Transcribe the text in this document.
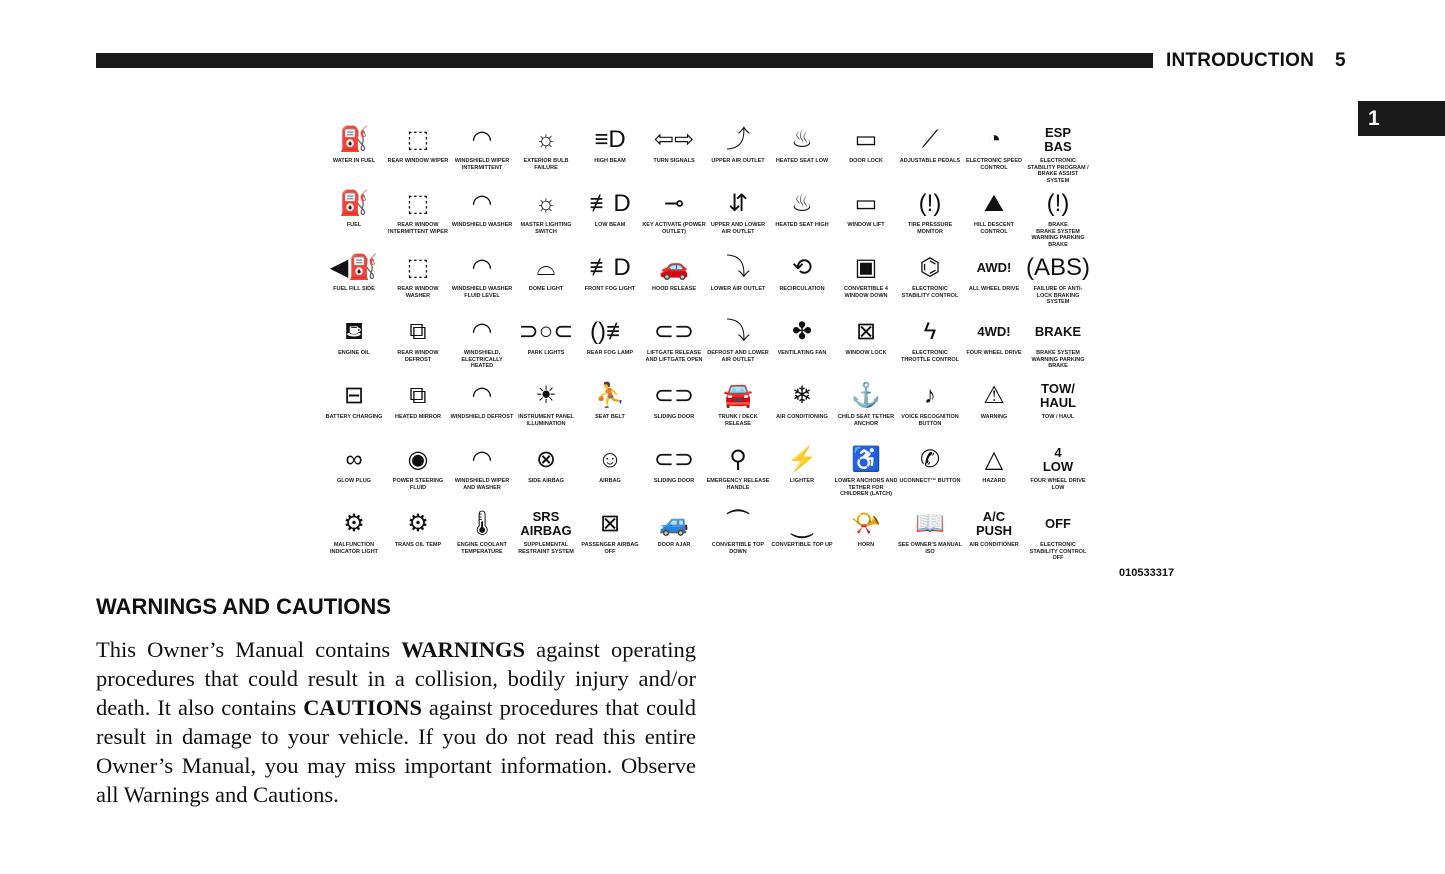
INTRODUCTION 5
1
⛽
WATER IN FUEL
⬚
REAR WINDOW WIPER
◠
WINDSHIELD WIPER INTERMITTENT
☼
EXTERIOR BULB FAILURE
≡D
HIGH BEAM
⇦⇨
TURN SIGNALS
⤴
UPPER AIR OUTLET
♨
HEATED SEAT LOW
▭
DOOR LOCK
⟋
ADJUSTABLE PEDALS
◔
ELECTRONIC SPEED CONTROL
ESP
BAS
ELECTRONIC STABILITY PROGRAM / BRAKE ASSIST SYSTEM
⛽
FUEL
⬚
REAR WINDOW INTERMITTENT WIPER
◠
WINDSHIELD WASHER
☼
MASTER LIGHTING SWITCH
≢D
LOW BEAM
⊸
KEY ACTIVATE (POWER OUTLET)
⇵
UPPER AND LOWER AIR OUTLET
♨
HEATED SEAT HIGH
▭
WINDOW LIFT
(!)
TIRE PRESSURE MONITOR
⛰
HILL DESCENT CONTROL
(!)
BRAKE
BRAKE SYSTEM WARNING PARKING BRAKE
◀⛽
FUEL FILL SIDE
⬚
REAR WINDOW WASHER
◠
WINDSHIELD WASHER FLUID LEVEL
⌓
DOME LIGHT
≢D
FRONT FOG LIGHT
🚗
HOOD RELEASE
⤵
LOWER AIR OUTLET
⟲
RECIRCULATION
▣
CONVERTIBLE 4 WINDOW DOWN
⌬
ELECTRONIC STABILITY CONTROL
AWD!
ALL WHEEL DRIVE
(ABS)
FAILURE OF ANTI-LOCK BRAKING SYSTEM
⛾
ENGINE OIL
⧉
REAR WINDOW DEFROST
◠
WINDSHIELD, ELECTRICALLY HEATED
⊃○⊂
PARK LIGHTS
()≢
REAR FOG LAMP
⊂⊃
LIFTGATE RELEASE AND LIFTGATE OPEN
⤵
DEFROST AND LOWER AIR OUTLET
✤
VENTILATING FAN
⊠
WINDOW LOCK
ϟ
ELECTRONIC THROTTLE CONTROL
4WD!
FOUR WHEEL DRIVE
BRAKE
BRAKE SYSTEM WARNING PARKING BRAKE
⊟
BATTERY CHARGING
⧉
HEATED MIRROR
◠
WINDSHIELD DEFROST
☀
INSTRUMENT PANEL ILLUMINATION
⛹
SEAT BELT
⊂⊃
SLIDING DOOR
🚘
TRUNK / DECK RELEASE
❄
AIR CONDITIONING
⚓
CHILD SEAT TETHER ANCHOR
♪
VOICE RECOGNITION BUTTON
⚠
WARNING
TOW/
HAUL
TOW / HAUL
∞
GLOW PLUG
◉
POWER STEERING FLUID
◠
WINDSHIELD WIPER AND WASHER
⊗
SIDE AIRBAG
☺
AIRBAG
⊂⊃
SLIDING DOOR
⚲
EMERGENCY RELEASE HANDLE
⚡
LIGHTER
♿
LOWER ANCHORS AND TETHER FOR CHILDREN (LATCH)
✆
UCONNECT™ BUTTON
△
HAZARD
4
LOW
FOUR WHEEL DRIVE LOW
⚙
MALFUNCTION INDICATOR LIGHT
⚙
TRANS OIL TEMP
🌡
ENGINE COOLANT TEMPERATURE
SRS
AIRBAG
SUPPLEMENTAL RESTRAINT SYSTEM
⊠
PASSENGER AIRBAG OFF
🚙
DOOR AJAR
⏜
CONVERTIBLE TOP DOWN
⏝
CONVERTIBLE TOP UP
📯
HORN
📖
SEE OWNER'S MANUAL ISO
A/C
PUSH
AIR CONDITIONER
OFF
ELECTRONIC STABILITY CONTROL OFF
010533317
WARNINGS AND CAUTIONS

This Owner’s Manual contains WARNINGS against operating procedures that could result in a collision, bodily injury and/or death. It also contains CAUTIONS against procedures that could result in damage to your vehicle. If you do not read this entire Owner’s Manual, you may miss important information. Observe all Warnings and Cautions.
